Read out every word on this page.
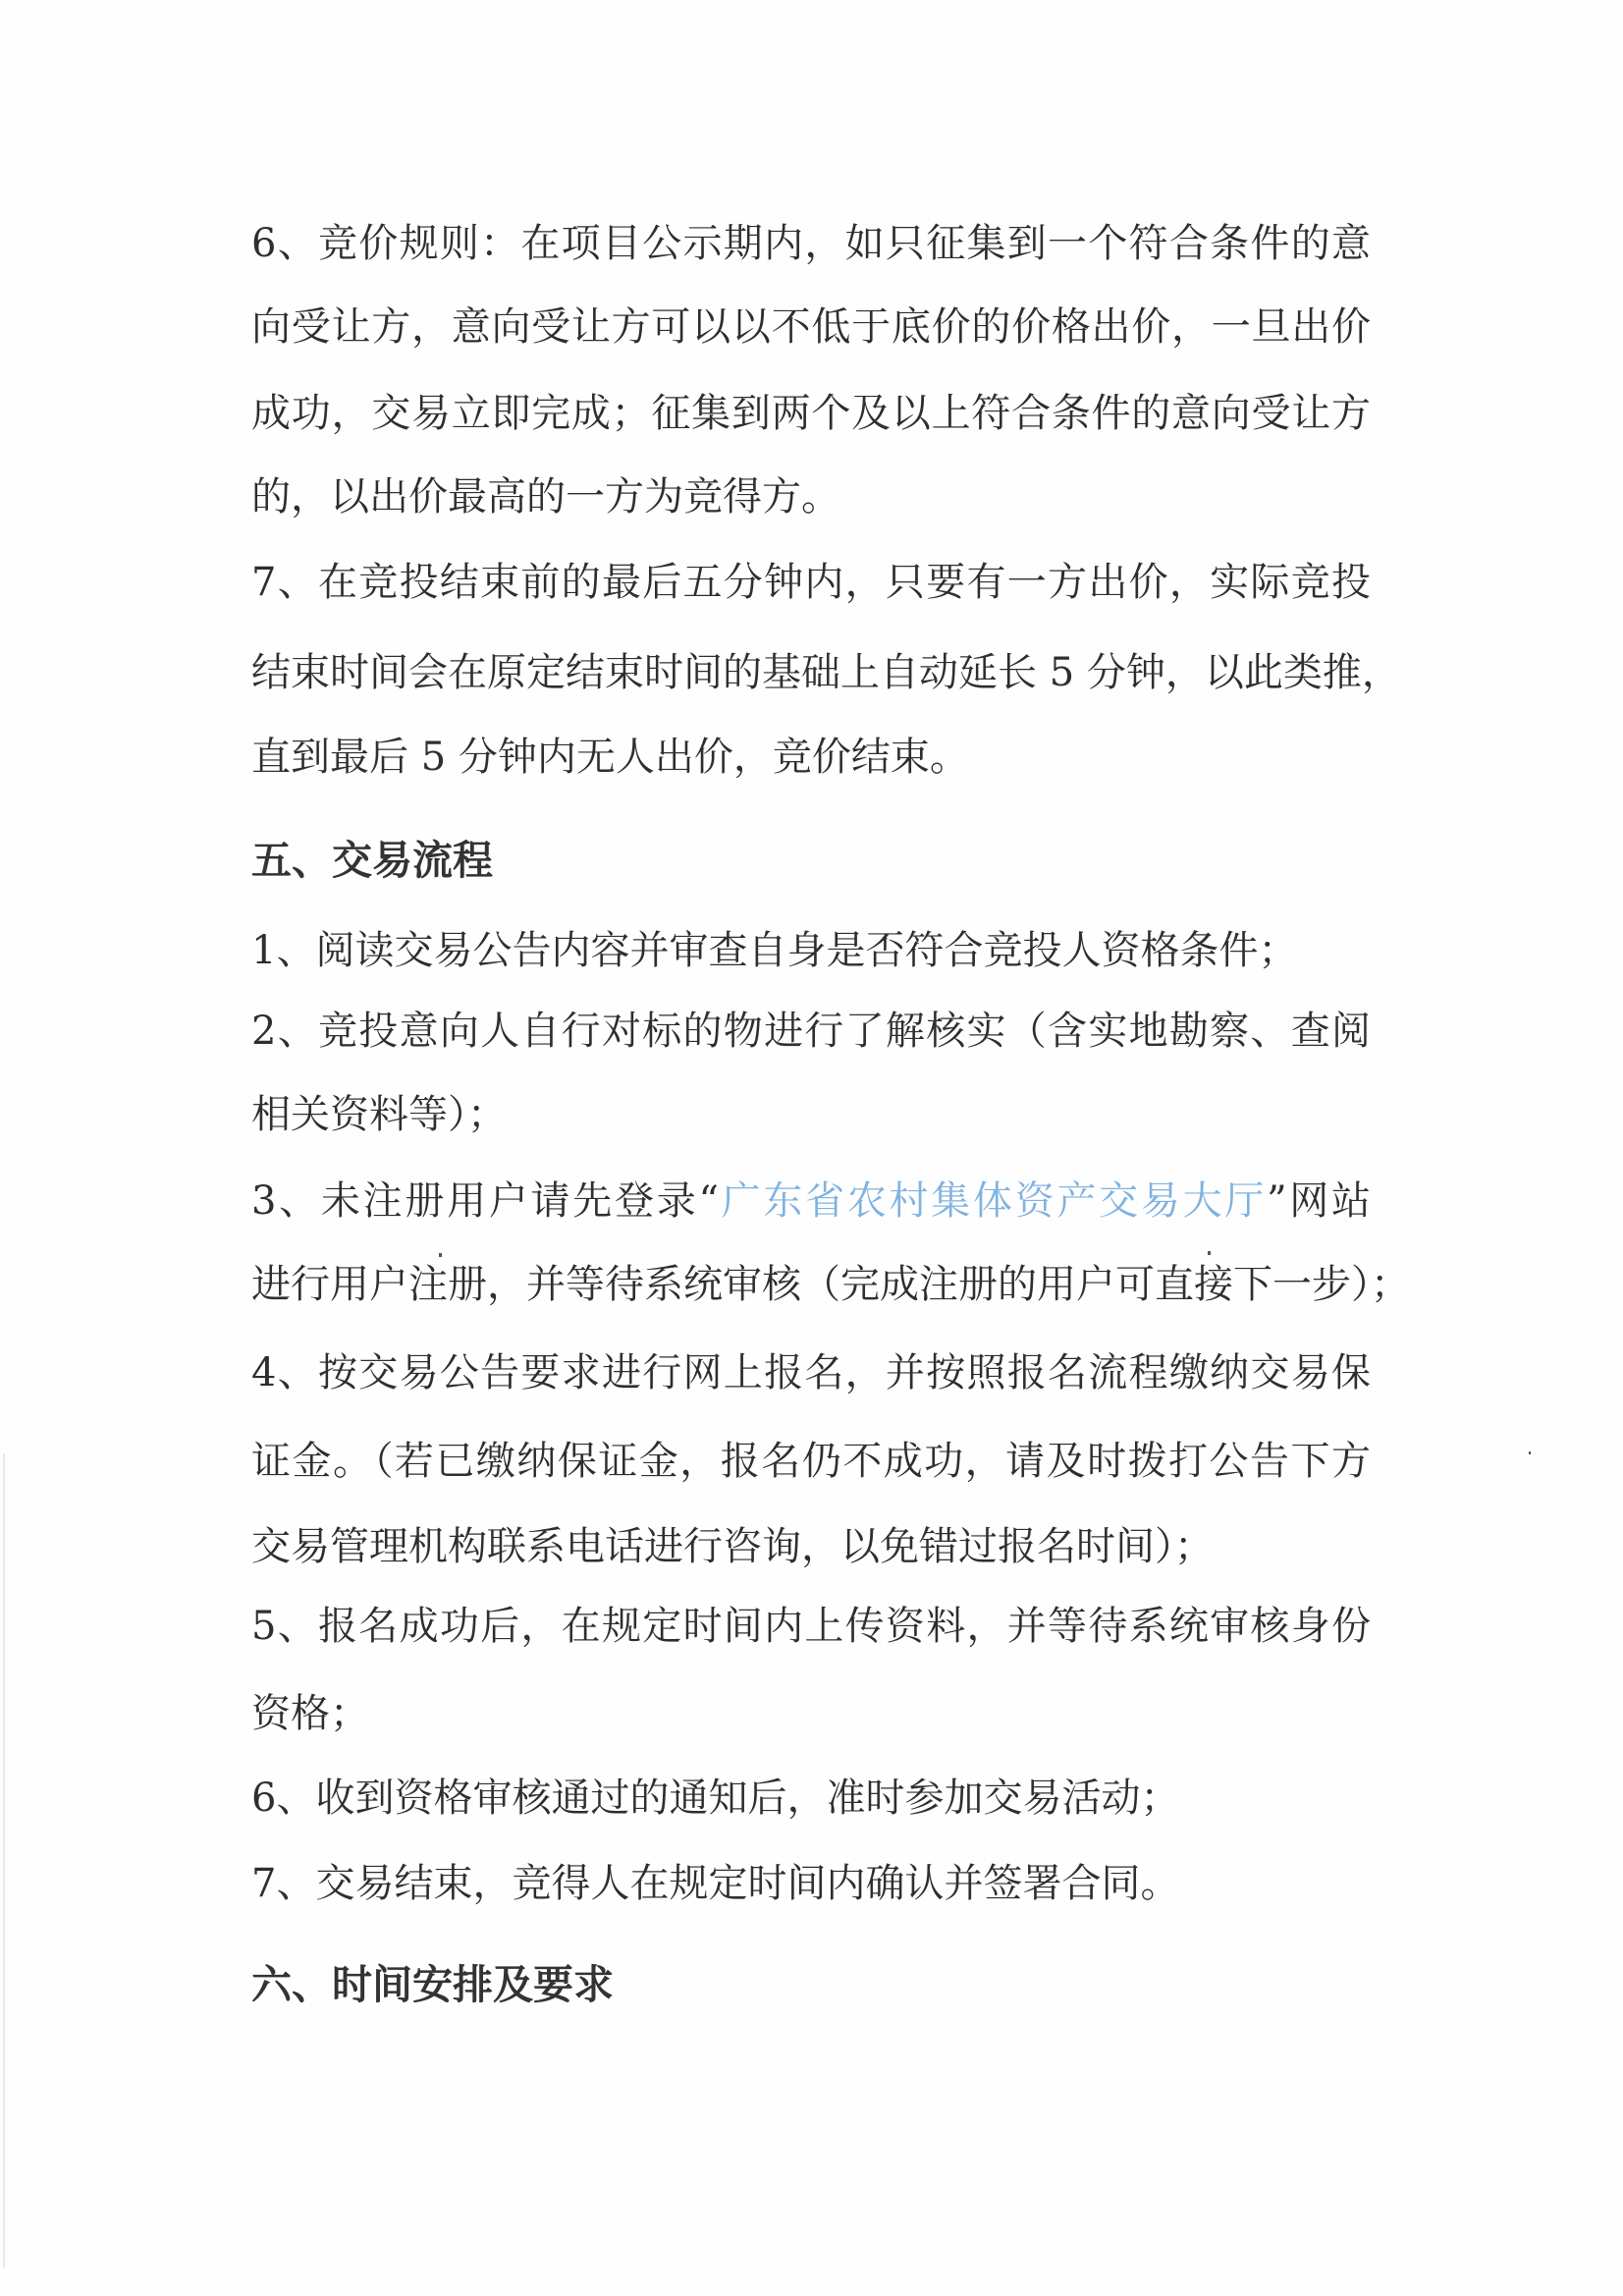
6、竞价规则：在项目公示期内，如只征集到一个符合条件的意
向受让方，意向受让方可以以不低于底价的价格出价，一旦出价
成功，交易立即完成；征集到两个及以上符合条件的意向受让方
的，以出价最高的一方为竞得方。
7、在竞投结束前的最后五分钟内，只要有一方出价，实际竞投
结束时间会在原定结束时间的基础上自动延长 5 分钟，以此类推，
直到最后 5 分钟内无人出价，竞价结束。
五、交易流程
1、阅读交易公告内容并审查自身是否符合竞投人资格条件；
2、竞投意向人自行对标的物进行了解核实（含实地勘察、查阅
相关资料等）；
3、未注册用户请先登录“广东省农村集体资产交易大厅”网站
进行用户注册，并等待系统审核（完成注册的用户可直接下一步）；
4、按交易公告要求进行网上报名，并按照报名流程缴纳交易保
证金。（若已缴纳保证金，报名仍不成功，请及时拨打公告下方
交易管理机构联系电话进行咨询，以免错过报名时间）；
5、报名成功后，在规定时间内上传资料，并等待系统审核身份
资格；
6、收到资格审核通过的通知后，准时参加交易活动；
7、交易结束，竞得人在规定时间内确认并签署合同。
六、时间安排及要求
